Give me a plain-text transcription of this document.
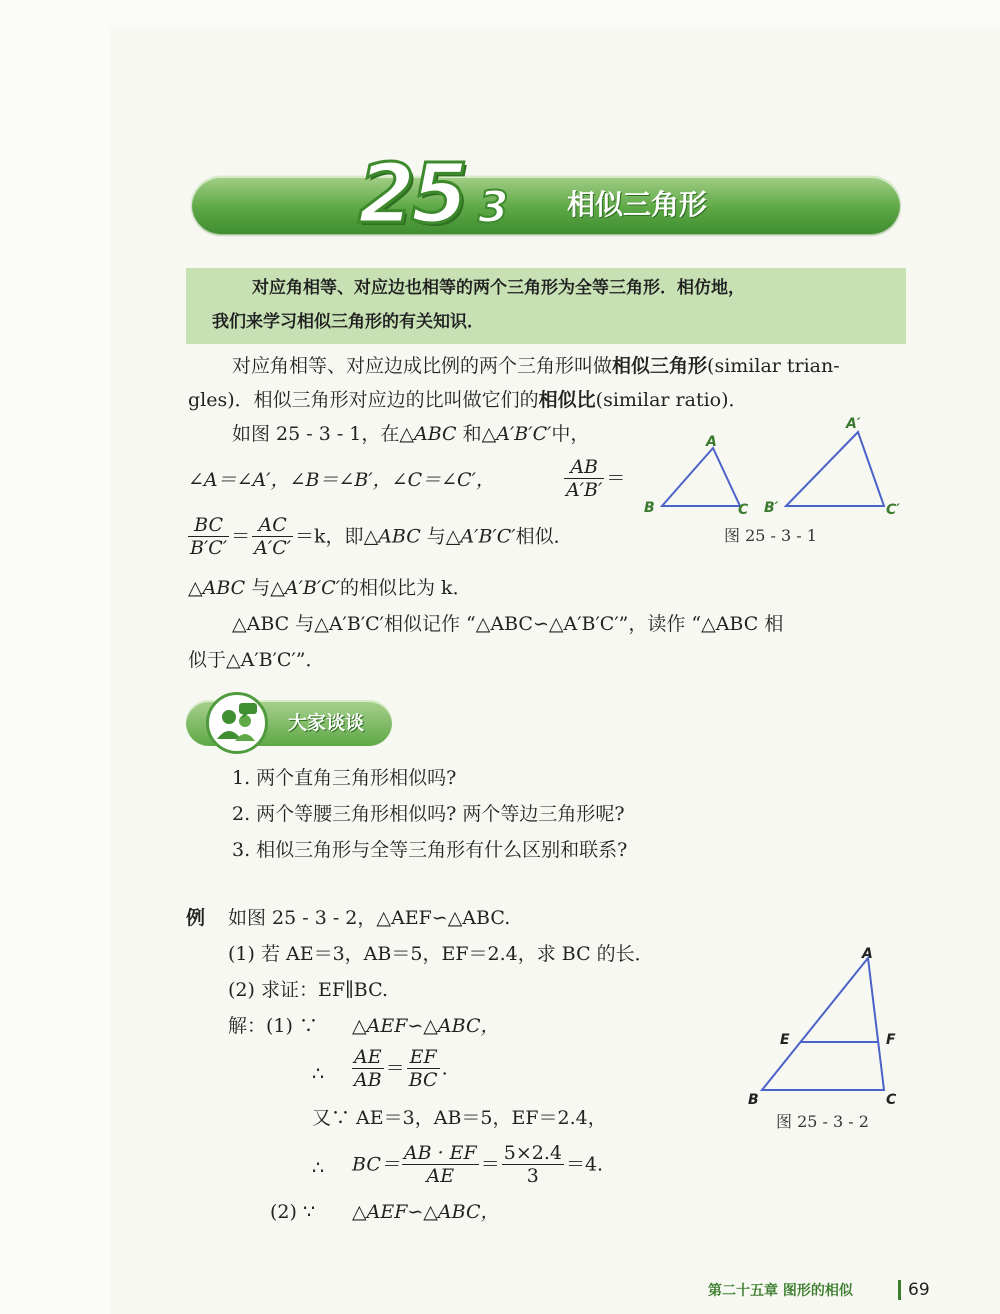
25 3 相似三角形
对应角相等、对应边也相等的两个三角形为全等三角形．相仿地，
我们来学习相似三角形的有关知识．
对应角相等、对应边成比例的两个三角形叫做相似三角形(similar trian-
gles)．相似三角形对应边的比叫做它们的相似比(similar ratio)．
如图 25 - 3 - 1，在△ABC 和△A′B′C′中，
∠A＝∠A′，∠B＝∠B′，∠C＝∠C′，	$\frac{AB}{A'B'}$ ＝
$\frac{BC}{B'C'} = \frac{AC}{A'C'} =k$，即△ABC 与△A′B′C′相似．
△ABC 与△A′B′C′的相似比为 k．
△ABC 与△A′B′C′相似记作 “△ABC∽△A′B′C′”，读作 “△ABC 相
似于△A′B′C′”．
A
B	C
A′
B′	C′
图 25 - 3 - 1
大家谈谈
1. 两个直角三角形相似吗?
2. 两个等腰三角形相似吗? 两个等边三角形呢?
3. 相似三角形与全等三角形有什么区别和联系?
例 如图 25 - 3 - 2，△AEF∽△ABC.
(1) 若 AE＝3，AB＝5，EF＝2.4，求 BC 的长．
(2) 求证：EF∥BC.
解：(1) ∵ △AEF∽△ABC，
∴ $\frac{AE}{AB} = \frac{EF}{BC}$ .
又∵ AE＝3，AB＝5，EF＝2.4，
∴ $BC= \frac{AB \cdot EF}{AE} = \frac{5\times 2.4}{3} =4$.
(2) ∵ △AEF∽△ABC，
A
E	F
B	C
图 25 - 3 - 2
第二十五章 图形的相似	69
